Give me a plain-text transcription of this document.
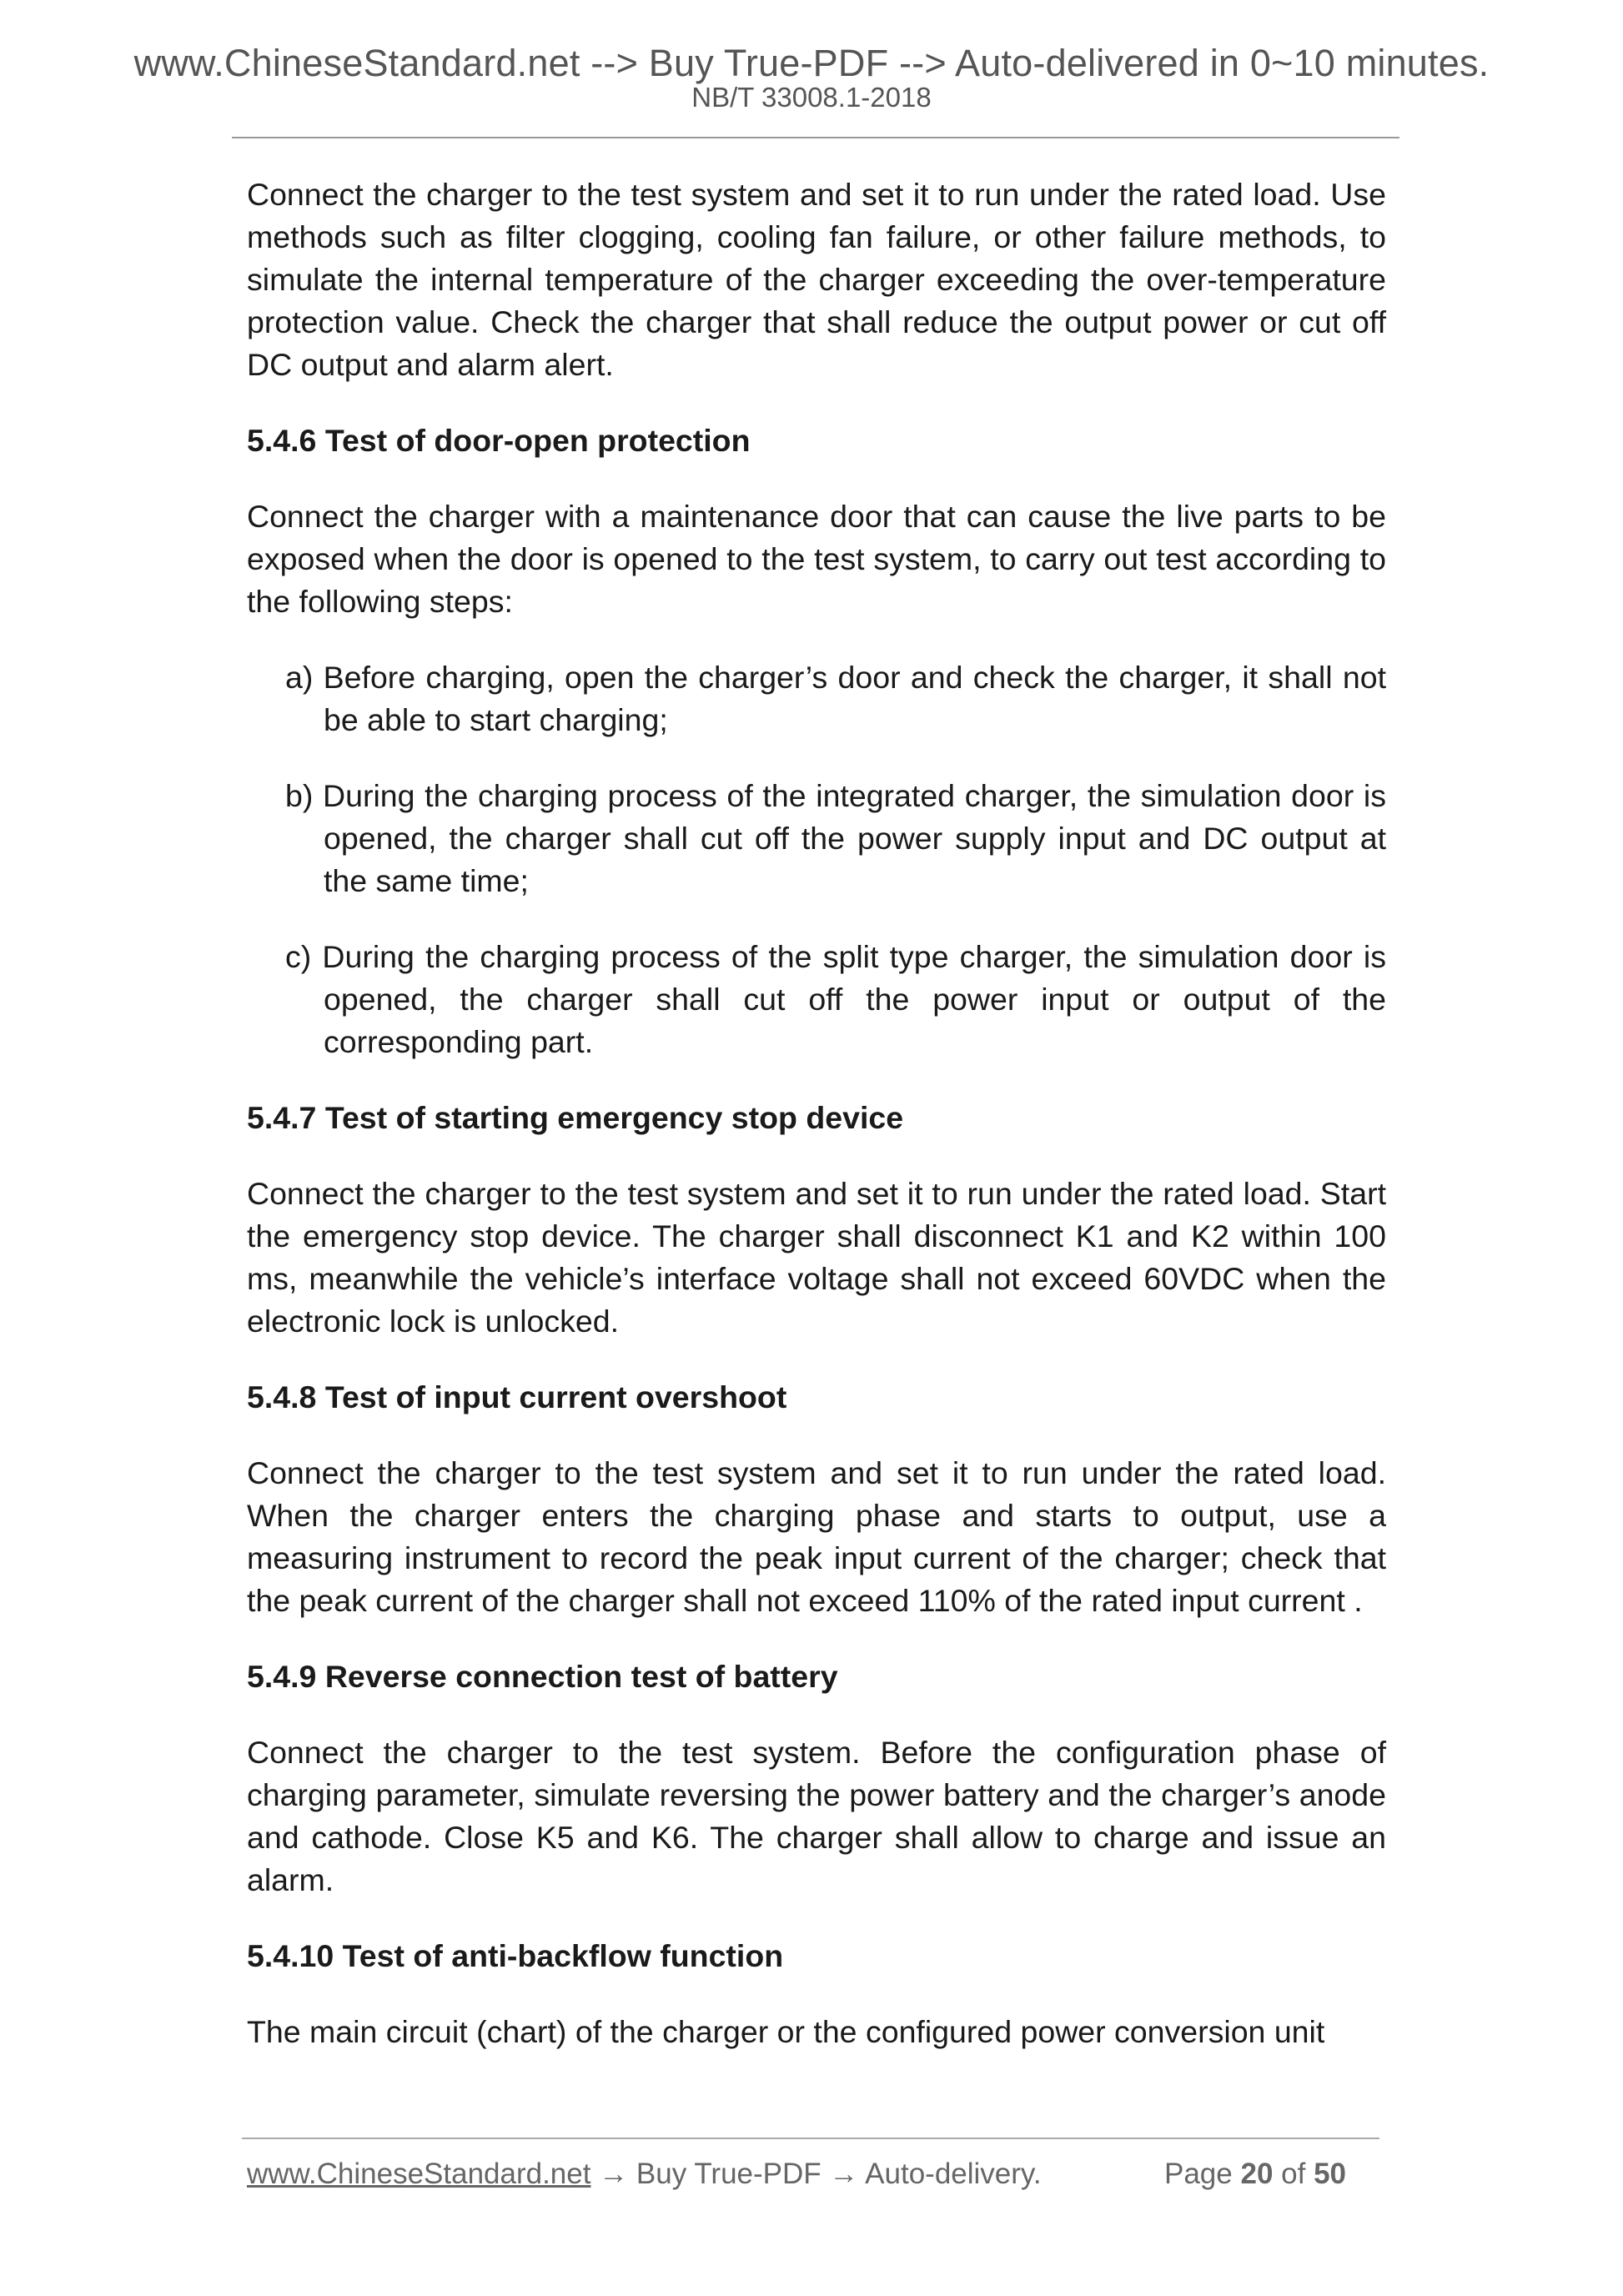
www.ChineseStandard.net --> Buy True-PDF --> Auto-delivered in 0~10 minutes.
NB/T 33008.1-2018

Connect the charger to the test system and set it to run under the rated load. Use methods such as filter clogging, cooling fan failure, or other failure methods, to simulate the internal temperature of the charger exceeding the over-temperature protection value. Check the charger that shall reduce the output power or cut off DC output and alarm alert.

5.4.6 Test of door-open protection

Connect the charger with a maintenance door that can cause the live parts to be exposed when the door is opened to the test system, to carry out test according to the following steps:

a) Before charging, open the charger’s door and check the charger, it shall not be able to start charging;
b) During the charging process of the integrated charger, the simulation door is opened, the charger shall cut off the power supply input and DC output at the same time;
c) During the charging process of the split type charger, the simulation door is opened, the charger shall cut off the power input or output of the corresponding part.
5.4.7 Test of starting emergency stop device

Connect the charger to the test system and set it to run under the rated load. Start the emergency stop device. The charger shall disconnect K1 and K2 within 100 ms, meanwhile the vehicle’s interface voltage shall not exceed 60VDC when the electronic lock is unlocked.

5.4.8 Test of input current overshoot

Connect the charger to the test system and set it to run under the rated load. When the charger enters the charging phase and starts to output, use a measuring instrument to record the peak input current of the charger; check that the peak current of the charger shall not exceed 110% of the rated input current .

5.4.9 Reverse connection test of battery

Connect the charger to the test system. Before the configuration phase of charging parameter, simulate reversing the power battery and the charger’s anode and cathode. Close K5 and K6. The charger shall allow to charge and issue an alarm.

5.4.10 Test of anti-backflow function

The main circuit (chart) of the charger or the configured power conversion unit

www.ChineseStandard.net → Buy True-PDF → Auto-delivery.	Page 20 of 50
